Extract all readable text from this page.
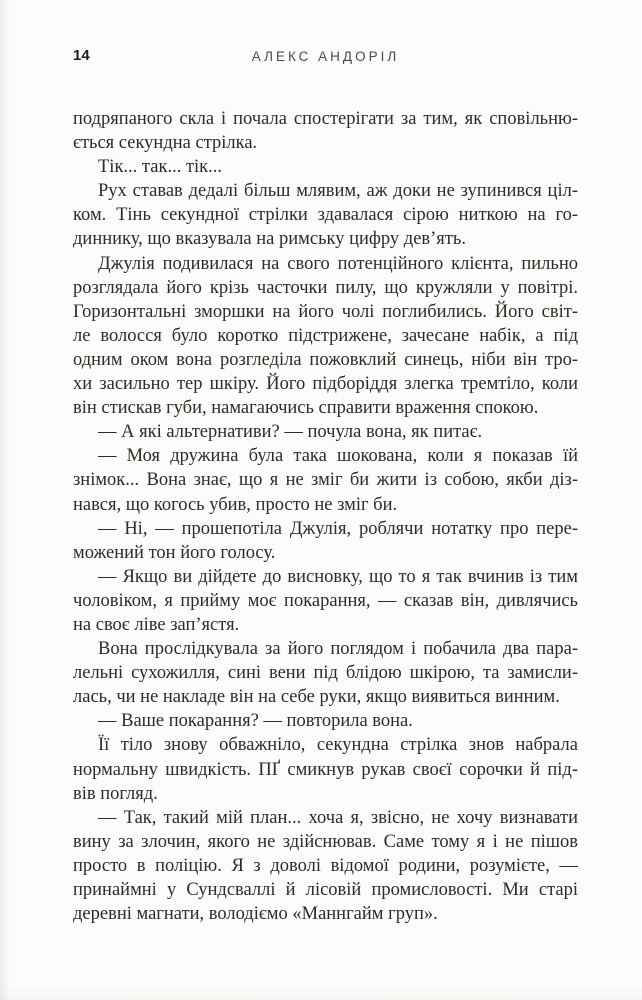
14	АЛЕКС АНДОРІЛ
подряпаного скла і почала спостерігати за тим, як сповільню-
ється секундна стрілка.
Тік... так... тік...
Рух ставав дедалі більш млявим, аж доки не зупинився ціл-
ком. Тінь секундної стрілки здавалася сірою ниткою на го-
диннику, що вказувала на римську цифру дев’ять.
Джулія подивилася на свого потенційного клієнта, пильно
розглядала його крізь часточки пилу, що кружляли у повітрі.
Горизонтальні зморшки на його чолі поглибились. Його світ-
ле волосся було коротко підстрижене, зачесане набік, а під
одним оком вона розгледіла пожовклий синець, ніби він тро-
хи засильно тер шкіру. Його підборіддя злегка тремтіло, коли
він стискав губи, намагаючись справити враження спокою.
— А які альтернативи? — почула вона, як питає.
— Моя дружина була така шокована, коли я показав їй
знімок... Вона знає, що я не зміг би жити із собою, якби діз-
нався, що когось убив, просто не зміг би.
— Ні, — прошепотіла Джулія, роблячи нотатку про пере-
можений тон його голосу.
— Якщо ви дійдете до висновку, що то я так вчинив із тим
чоловіком, я прийму моє покарання, — сказав він, дивлячись
на своє ліве зап’ястя.
Вона прослідкувала за його поглядом і побачила два пара-
лельні сухожилля, сині вени під блідою шкірою, та замисли-
лась, чи не накладе він на себе руки, якщо виявиться винним.
— Ваше покарання? — повторила вона.
Її тіло знову обважніло, секундна стрілка знов набрала
нормальну швидкість. ПҐ смикнув рукав своєї сорочки й під-
вів погляд.
— Так, такий мій план... хоча я, звісно, не хочу визнавати
вину за злочин, якого не здійснював. Саме тому я і не пішов
просто в поліцію. Я з доволі відомої родини, розумієте, —
принаймні у Сундсваллі й лісовій промисловості. Ми старі
деревні магнати, володіємо «Маннгайм груп».
